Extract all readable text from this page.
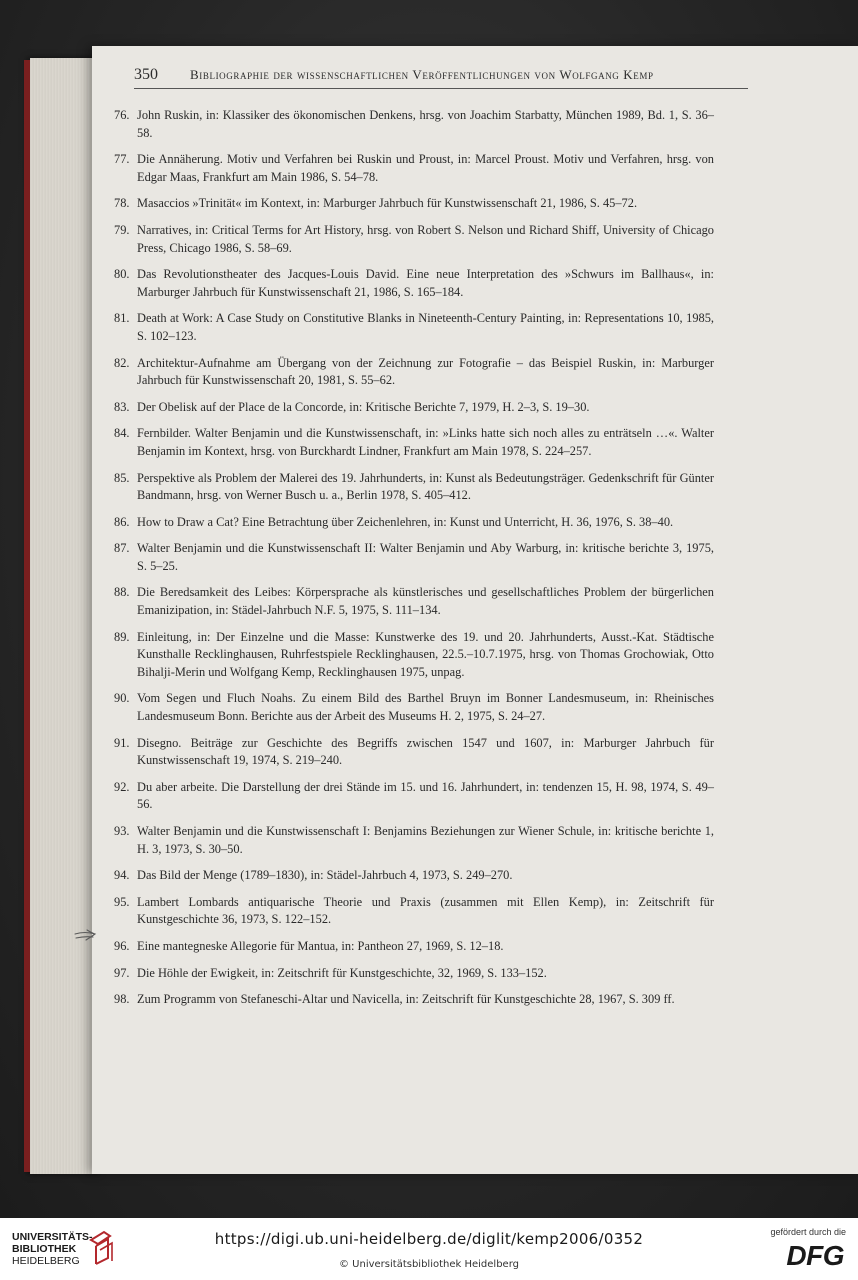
350 Bibliographie der wissenschaftlichen Veröffentlichungen von Wolfgang Kemp
76. John Ruskin, in: Klassiker des ökonomischen Denkens, hrsg. von Joachim Starbatty, München 1989, Bd. 1, S. 36–58.
77. Die Annäherung. Motiv und Verfahren bei Ruskin und Proust, in: Marcel Proust. Motiv und Verfahren, hrsg. von Edgar Maas, Frankfurt am Main 1986, S. 54–78.
78. Masaccios »Trinität« im Kontext, in: Marburger Jahrbuch für Kunstwissenschaft 21, 1986, S. 45–72.
79. Narratives, in: Critical Terms for Art History, hrsg. von Robert S. Nelson und Richard Shiff, University of Chicago Press, Chicago 1986, S. 58–69.
80. Das Revolutionstheater des Jacques-Louis David. Eine neue Interpretation des »Schwurs im Ballhaus«, in: Marburger Jahrbuch für Kunstwissenschaft 21, 1986, S. 165–184.
81. Death at Work: A Case Study on Constitutive Blanks in Nineteenth-Century Painting, in: Representations 10, 1985, S. 102–123.
82. Architektur-Aufnahme am Übergang von der Zeichnung zur Fotografie – das Beispiel Ruskin, in: Marburger Jahrbuch für Kunstwissenschaft 20, 1981, S. 55–62.
83. Der Obelisk auf der Place de la Concorde, in: Kritische Berichte 7, 1979, H. 2–3, S. 19–30.
84. Fernbilder. Walter Benjamin und die Kunstwissenschaft, in: »Links hatte sich noch alles zu enträtseln …«. Walter Benjamin im Kontext, hrsg. von Burckhardt Lindner, Frankfurt am Main 1978, S. 224–257.
85. Perspektive als Problem der Malerei des 19. Jahrhunderts, in: Kunst als Bedeutungsträger. Gedenkschrift für Günter Bandmann, hrsg. von Werner Busch u. a., Berlin 1978, S. 405–412.
86. How to Draw a Cat? Eine Betrachtung über Zeichenlehren, in: Kunst und Unterricht, H. 36, 1976, S. 38–40.
87. Walter Benjamin und die Kunstwissenschaft II: Walter Benjamin und Aby Warburg, in: kritische berichte 3, 1975, S. 5–25.
88. Die Beredsamkeit des Leibes: Körpersprache als künstlerisches und gesellschaftliches Problem der bürgerlichen Emanizipation, in: Städel-Jahrbuch N.F. 5, 1975, S. 111–134.
89. Einleitung, in: Der Einzelne und die Masse: Kunstwerke des 19. und 20. Jahrhunderts, Ausst.-Kat. Städtische Kunsthalle Recklinghausen, Ruhrfestspiele Recklinghausen, 22.5.–10.7.1975, hrsg. von Thomas Grochowiak, Otto Bihalji-Merin und Wolfgang Kemp, Recklinghausen 1975, unpag.
90. Vom Segen und Fluch Noahs. Zu einem Bild des Barthel Bruyn im Bonner Landesmuseum, in: Rheinisches Landesmuseum Bonn. Berichte aus der Arbeit des Museums H. 2, 1975, S. 24–27.
91. Disegno. Beiträge zur Geschichte des Begriffs zwischen 1547 und 1607, in: Marburger Jahrbuch für Kunstwissenschaft 19, 1974, S. 219–240.
92. Du aber arbeite. Die Darstellung der drei Stände im 15. und 16. Jahrhundert, in: tendenzen 15, H. 98, 1974, S. 49–56.
93. Walter Benjamin und die Kunstwissenschaft I: Benjamins Beziehungen zur Wiener Schule, in: kritische berichte 1, H. 3, 1973, S. 30–50.
94. Das Bild der Menge (1789–1830), in: Städel-Jahrbuch 4, 1973, S. 249–270.
95. Lambert Lombards antiquarische Theorie und Praxis (zusammen mit Ellen Kemp), in: Zeitschrift für Kunstgeschichte 36, 1973, S. 122–152.
96. Eine mantegneske Allegorie für Mantua, in: Pantheon 27, 1969, S. 12–18.
97. Die Höhle der Ewigkeit, in: Zeitschrift für Kunstgeschichte, 32, 1969, S. 133–152.
98. Zum Programm von Stefaneschi-Altar und Navicella, in: Zeitschrift für Kunstgeschichte 28, 1967, S. 309 ff.
UNIVERSITÄTS-
BIBLIOTHEK
HEIDELBERG
https://digi.ub.uni-heidelberg.de/diglit/kemp2006/0352
© Universitätsbibliothek Heidelberg
gefördert durch die
DFG
